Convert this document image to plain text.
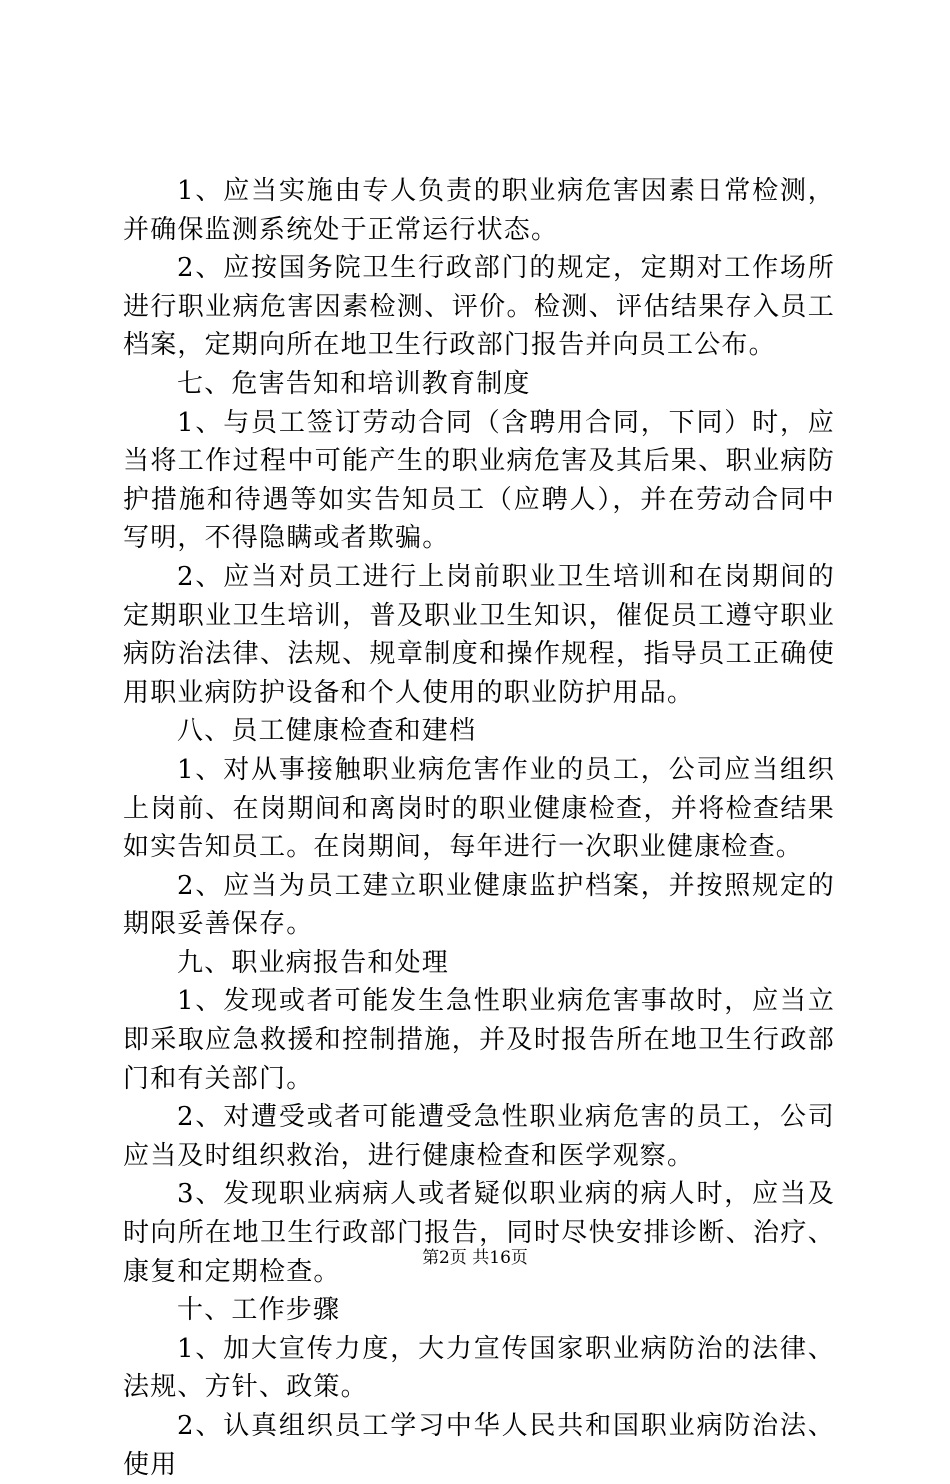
1、应当实施由专人负责的职业病危害因素日常检测，并确保监测系统处于正常运行状态。

2、应按国务院卫生行政部门的规定，定期对工作场所进行职业病危害因素检测、评价。检测、评估结果存入员工档案，定期向所在地卫生行政部门报告并向员工公布。

七、危害告知和培训教育制度

1、与员工签订劳动合同（含聘用合同，下同）时，应当将工作过程中可能产生的职业病危害及其后果、职业病防护措施和待遇等如实告知员工（应聘人），并在劳动合同中写明，不得隐瞒或者欺骗。

2、应当对员工进行上岗前职业卫生培训和在岗期间的定期职业卫生培训，普及职业卫生知识，催促员工遵守职业病防治法律、法规、规章制度和操作规程，指导员工正确使用职业病防护设备和个人使用的职业防护用品。

八、员工健康检查和建档

1、对从事接触职业病危害作业的员工，公司应当组织上岗前、在岗期间和离岗时的职业健康检查，并将检查结果如实告知员工。在岗期间，每年进行一次职业健康检查。

2、应当为员工建立职业健康监护档案，并按照规定的期限妥善保存。

九、职业病报告和处理

1、发现或者可能发生急性职业病危害事故时，应当立即采取应急救援和控制措施，并及时报告所在地卫生行政部门和有关部门。

2、对遭受或者可能遭受急性职业病危害的员工，公司应当及时组织救治，进行健康检查和医学观察。

3、发现职业病病人或者疑似职业病的病人时，应当及时向所在地卫生行政部门报告，同时尽快安排诊断、治疗、康复和定期检查。

十、工作步骤

1、加大宣传力度，大力宣传国家职业病防治的法律、法规、方针、政策。

2、认真组织员工学习中华人民共和国职业病防治法、使用

第2页 共16页
